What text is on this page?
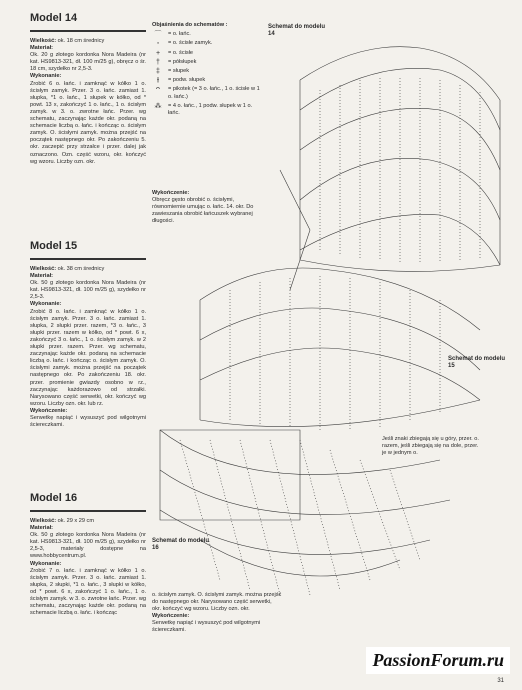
Model 14
Wielkość: ok. 18 cm średnicy
Materiał:
Ok. 20 g złotego kordonka Nora Madeira (nr kat. HS9813-321, dł. 100 m/25 g), obręcz o śr. 18 cm, szydełko nr 2,5-3.
Wykonanie:
Zrobić 6 o. łańc. i zamknąć w kółko 1 o. ścisłym zamyk. Przer. 3 o. łańc. zamiast 1. słupka, *1 o. łańc., 1 słupek w kółko, od * powt. 13 x, zakończyć 1 o. łańc., 1 o. ścisłym zamyk. w 3. o. zwrotne łańc. Przer. wg schematu, zaczynając każde okr. podaną na schemacie liczbą o. łańc. i kończąc o. ścisłym zamyk. O. ścisłymi zamyk. można przejść na początek następnego okr. Po zakończeniu 5. okr. zaczepić przy strzałce i przer. dalej jak oznaczono. Ozn. część wzoru, okr. kończyć wg wzoru. Liczby ozn. okr.
Model 15
Wielkość: ok. 38 cm średnicy
Materiał:
Ok. 50 g złotego kordonka Nora Madeira (nr kat. HS9813-321, dł. 100 m/25 g), szydełko nr 2,5-3.
Wykonanie:
Zrobić 8 o. łańc. i zamknąć w kółko 1 o. ścisłym zamyk. Przer. 3 o. łańc. zamiast 1. słupka, 2 słupki przer. razem, *3 o. łańc., 3 słupki przer. razem w kółko, od * powt. 6 x, zakończyć 3 o. łańc., 1 o. ścisłym zamyk. w 2 słupki przer. razem. Przer. wg schematu, zaczynając każde okr. podaną na schemacie liczbą o. łańc. i kończąc o. ścisłym zamyk. O. ścisłymi zamyk. można przejść na początek następnego okr. Po zakończeniu 18. okr. przer. promienie gwiazdy osobno w rz., zaczynając każdorazowo od strzałki. Narysowano część serwetki, okr. kończyć wg wzoru. Liczby ozn. okr. lub rz.
Wykończenie:
Serwetkę napiąć i wysuszyć pod wilgotnymi ściereczkami.
Model 16
Wielkość: ok. 29 x 29 cm
Materiał:
Ok. 50 g złotego kordonka Nora Madeira (nr kat. HS9813-321, dł. 100 m/25 g), szydełko nr 2,5-3, materiały dostępne na www.hobbycentrum.pl.
Wykonanie:
Zrobić 7 o. łańc. i zamknąć w kółko 1 o. ścisłym zamyk. Przer. 3 o. łańc. zamiast 1. słupka, 2 słupki, *1 o. łańc., 3 słupki w kółko, od * powt. 6 x, zakończyć 1 o. łańc., 1 o. ścisłym zamyk. w 3. o. zwrotne łańc. Przer. wg schematu, zaczynając każde okr. podaną na schemacie liczbą o. łańc. i kończąc
Objaśnienia do schematów :
⌒	= o. łańc.
◦	= o. ścisłe zamyk.
+	= o. ścisłe
†	= półsłupek
‡	= słupek
⫲	= podw. słupek
ᴖ	= pikotek (= 3 o. łańc., 1 o. ścisłe w 1 o. łańc.)
⁂	= 4 o. łańc., 1 podw. słupek w 1 o. łańc.
Wykończenie:
Obręcz gęsto obrobić o. ścisłymi, równomiernie umując o. łańc. 14. okr. Do zawieszania obrobić łańcuszek wybranej długości.
Schemat do modelu 14
Schemat do modelu 15
Schemat do modelu 16
Jeśli znaki zbiegają się u góry, przer. o. razem, jeśli zbiegają się na dole, przer. je w jednym o.
o. ścisłym zamyk. O. ścisłymi zamyk. można przejść do następnego okr. Narysowano część serwetki, okr. kończyć wg wzoru. Liczby ozn. okr.
Wykończenie:
Serwetkę napiąć i wysuszyć pod wilgotnymi ściereczkami.
PassionForum.ru
31
